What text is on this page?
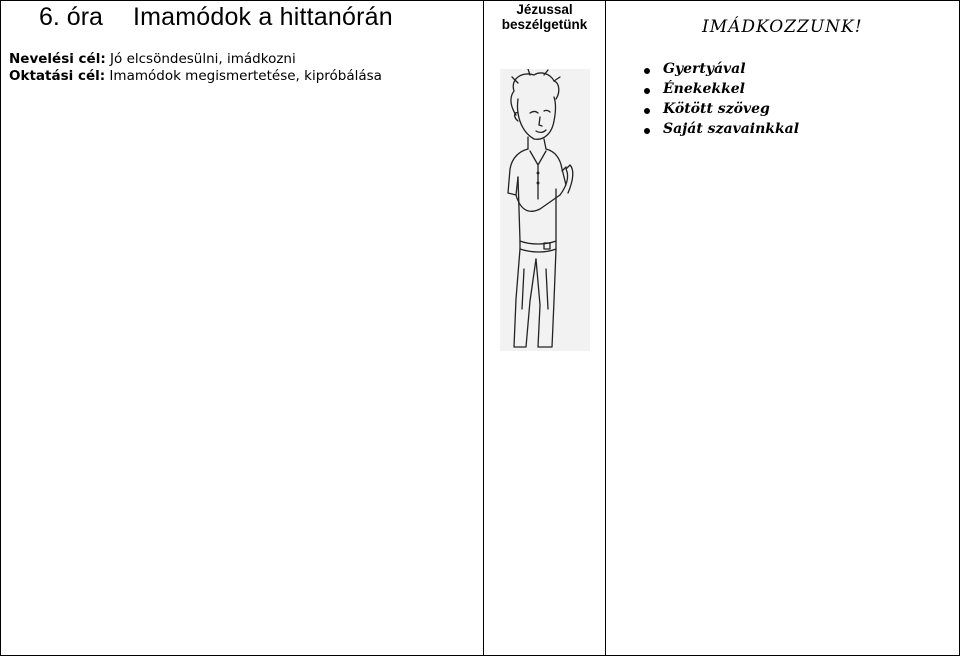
6. óra Imamódok a hittanórán
Nevelési cél: Jó elcsöndesülni, imádkozni
Oktatási cél: Imamódok megismertetése, kipróbálása
Jézussal
beszélgetünk	IMÁDKOZZUNK!
Gyertyával
Énekekkel
Kötött szöveg
Saját szavainkkal
